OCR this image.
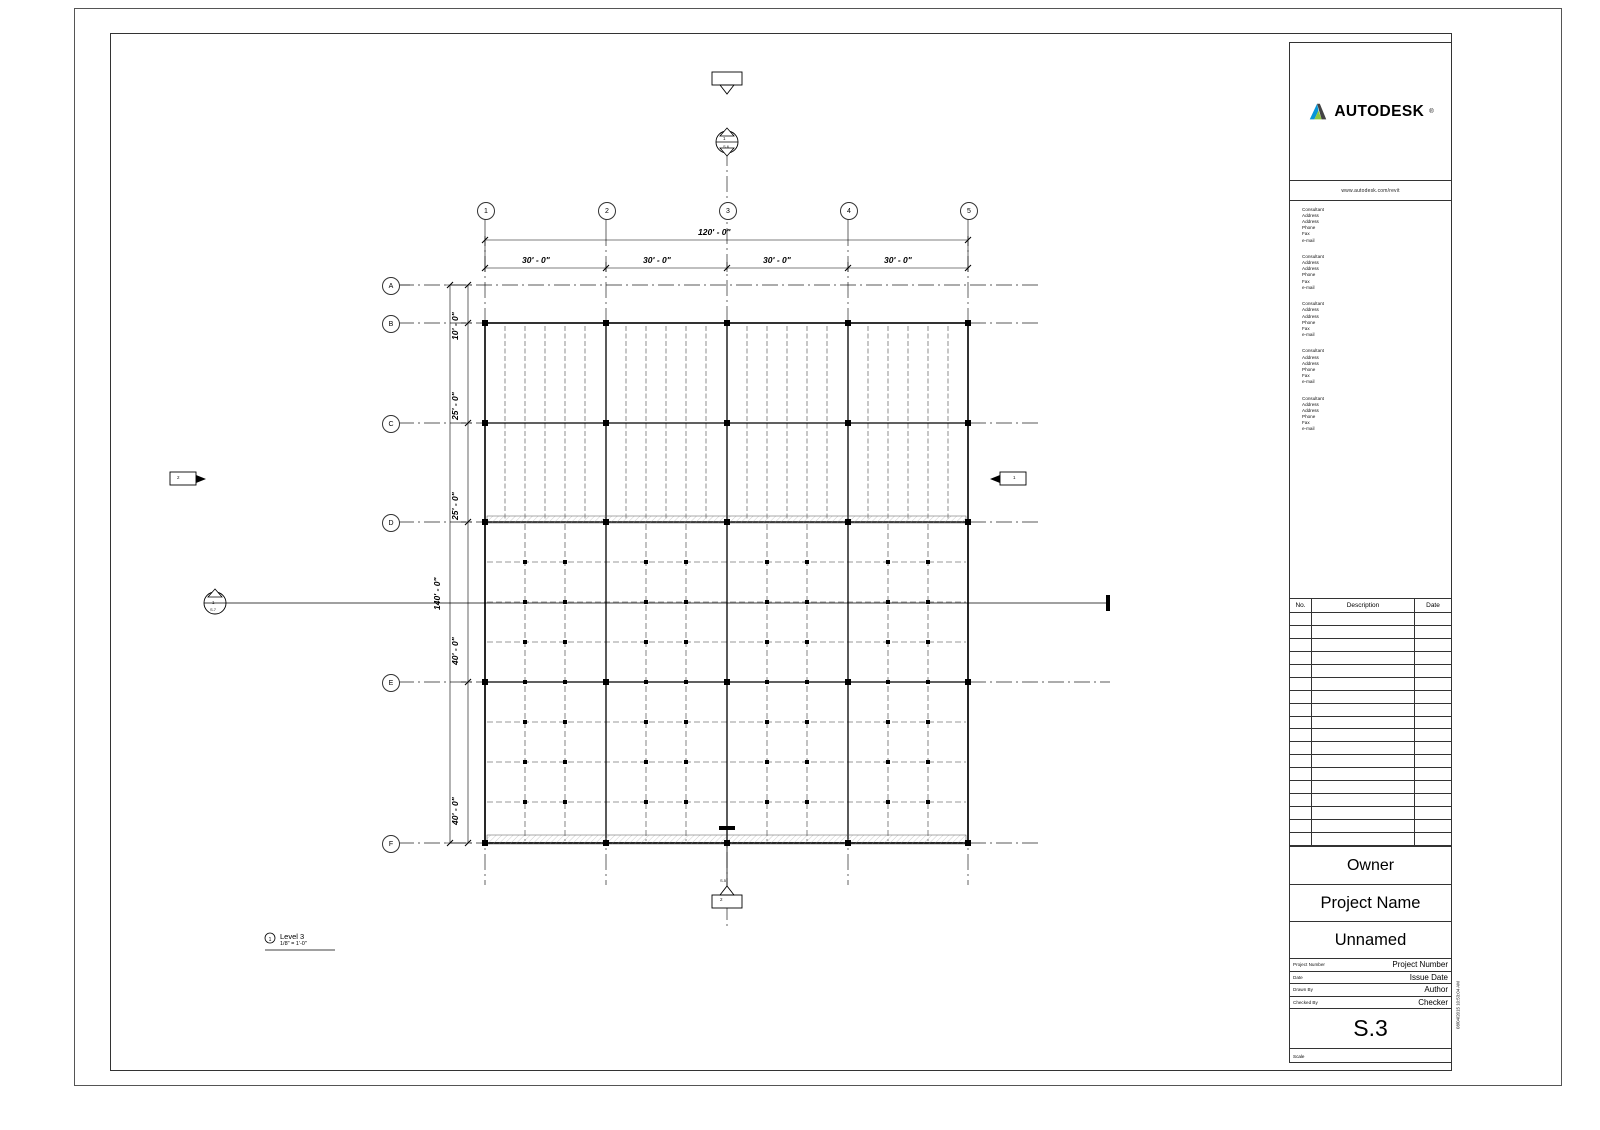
1
1	2	3	4	5
A
B
C
D
E
F
120' - 0"
30' - 0"	30' - 0"	30' - 0"	30' - 0"
140' - 0"
10' - 0"
25' - 0"
25' - 0"
40' - 0"
40' - 0"
1
S.6
1
S.7
2	1
2
S.5
Level 3
1/8" = 1'-0"
AUTODESK ®
www.autodesk.com/revit
Consultant
Address
Address
Phone
Fax
e-mail
Consultant
Address
Address
Phone
Fax
e-mail
Consultant
Address
Address
Phone
Fax
e-mail
Consultant
Address
Address
Phone
Fax
e-mail
Consultant
Address
Address
Phone
Fax
e-mail
No.	Description	Date
Owner
Project Name
Unnamed
Project Number	Project Number
Date	Issue Date
Drawn By	Author
Checked By	Checker
S.3
Scale
08/04/2015 10:53:04 AM
